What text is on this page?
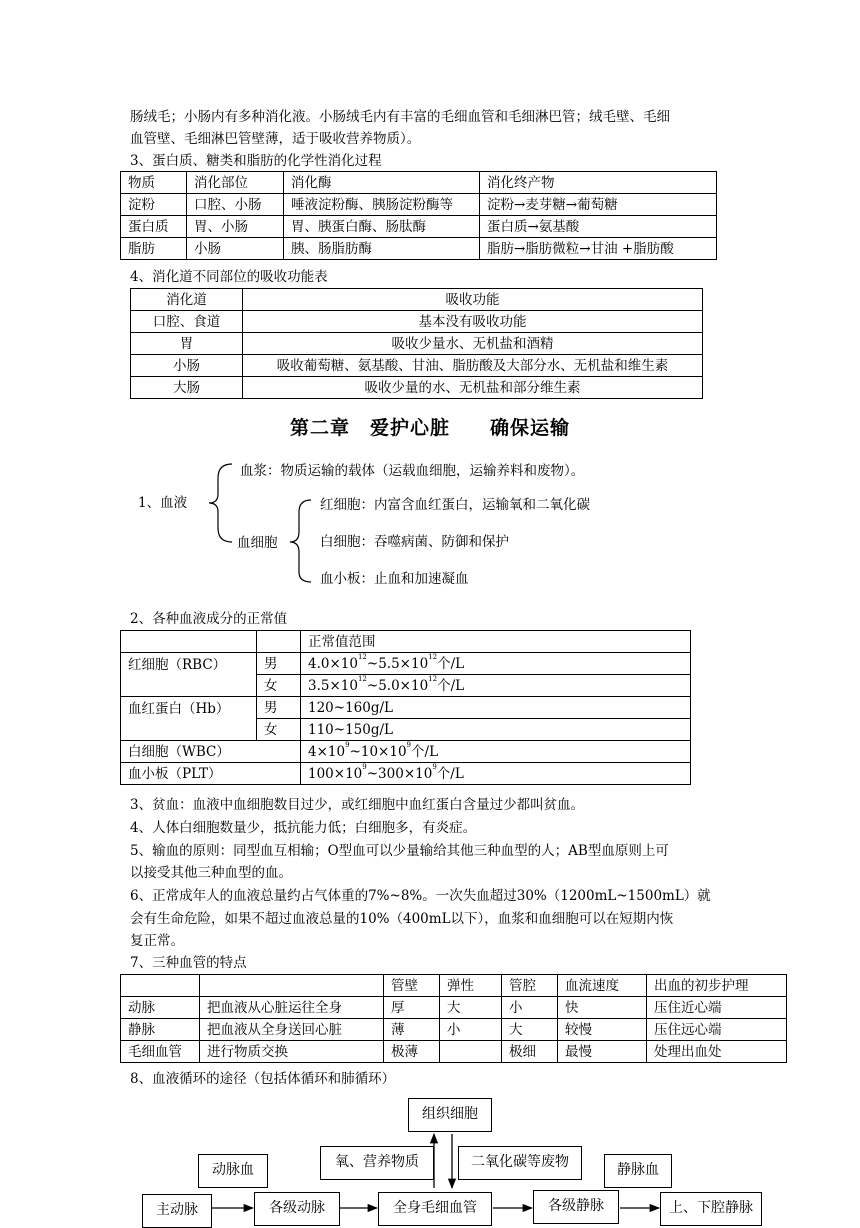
肠绒毛；小肠内有多种消化液。小肠绒毛内有丰富的毛细血管和毛细淋巴管；绒毛壁、毛细
血管壁、毛细淋巴管壁薄，适于吸收营养物质）。
3、蛋白质、糖类和脂肪的化学性消化过程
物质	消化部位	消化酶	消化终产物
淀粉	口腔、小肠	唾液淀粉酶、胰肠淀粉酶等	淀粉→麦芽糖→葡萄糖
蛋白质	胃、小肠	胃、胰蛋白酶、肠肽酶	蛋白质→氨基酸
脂肪	小肠	胰、肠脂肪酶	脂肪→脂肪微粒→甘油 +脂肪酸
4、消化道不同部位的吸收功能表
消化道	吸收功能
口腔、食道	基本没有吸收功能
胃	吸收少量水、无机盐和酒精
小肠	吸收葡萄糖、氨基酸、甘油、脂肪酸及大部分水、无机盐和维生素
大肠	吸收少量的水、无机盐和部分维生素
第二章　爱护心脏　　确保运输
1、血液
血浆：物质运输的载体（运载血细胞，运输养料和废物）。
血细胞
红细胞：内富含血红蛋白，运输氧和二氧化碳
白细胞：吞噬病菌、防御和保护
血小板：止血和加速凝血
2、各种血液成分的正常值
		正常值范围
红细胞（RBC）	男	$4.0\times 10^{12}\sim 5.5\times 10^{12}$个/L
	女	$3.5\times 10^{12}\sim 5.0\times 10^{12}$个/L
血红蛋白（Hb）	男	120~160g/L
	女	110~150g/L
白细胞（WBC）		$4\times 10^9\sim 10\times 10^9$个/L
血小板（PLT）		$100\times 10^9\sim 300\times 10^9$个/L
3、贫血：血液中血细胞数目过少，或红细胞中血红蛋白含量过少都叫贫血。
4、人体白细胞数量少，抵抗能力低；白细胞多，有炎症。
5、输血的原则：同型血互相输；O型血可以少量输给其他三种血型的人；AB型血原则上可
以接受其他三种血型的血。
6、正常成年人的血液总量约占气体重的7%~8%。一次失血超过30%（1200mL~1500mL）就
会有生命危险，如果不超过血液总量的10%（400mL以下），血浆和血细胞可以在短期内恢
复正常。
7、三种血管的特点
		管壁	弹性	管腔	血流速度	出血的初步护理
动脉	把血液从心脏运往全身	厚	大	小	快	压住近心端
静脉	把血液从全身送回心脏	薄	小	大	较慢	压住远心端
毛细血管	进行物质交换	极薄		极细	最慢	处理出血处
8、血液循环的途径（包括体循环和肺循环）
组织细胞
氧、营养物质	二氧化碳等废物
动脉血	静脉血
主动脉	各级动脉	全身毛细血管	各级静脉	上、下腔静脉
